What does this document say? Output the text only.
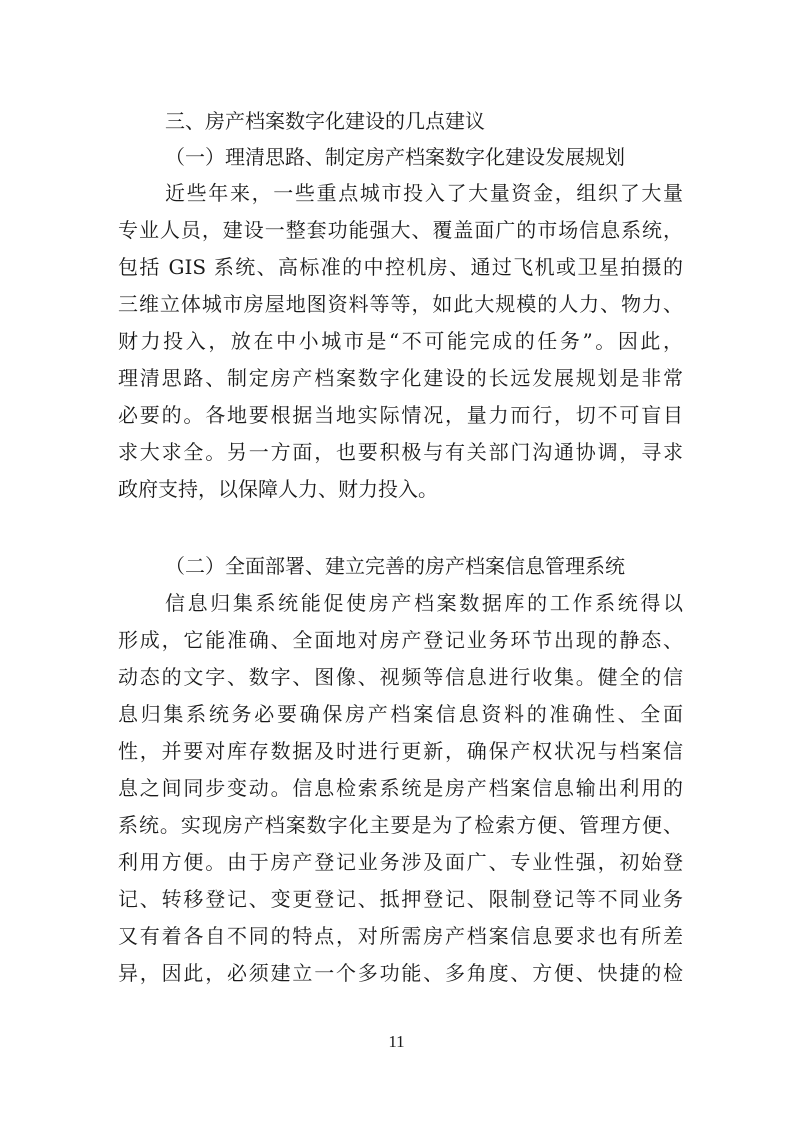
三、房产档案数字化建设的几点建议
（一）理清思路、制定房产档案数字化建设发展规划
近些年来，一些重点城市投入了大量资金，组织了大量
专业人员，建设一整套功能强大、覆盖面广的市场信息系统，
包括 GIS 系统、高标准的中控机房、通过飞机或卫星拍摄的
三维立体城市房屋地图资料等等，如此大规模的人力、物力、
财力投入，放在中小城市是“不可能完成的任务”。因此，
理清思路、制定房产档案数字化建设的长远发展规划是非常
必要的。各地要根据当地实际情况，量力而行，切不可盲目
求大求全。另一方面，也要积极与有关部门沟通协调，寻求
政府支持，以保障人力、财力投入。
（二）全面部署、建立完善的房产档案信息管理系统
信息归集系统能促使房产档案数据库的工作系统得以
形成，它能准确、全面地对房产登记业务环节出现的静态、
动态的文字、数字、图像、视频等信息进行收集。健全的信
息归集系统务必要确保房产档案信息资料的准确性、全面
性，并要对库存数据及时进行更新，确保产权状况与档案信
息之间同步变动。信息检索系统是房产档案信息输出利用的
系统。实现房产档案数字化主要是为了检索方便、管理方便、
利用方便。由于房产登记业务涉及面广、专业性强，初始登
记、转移登记、变更登记、抵押登记、限制登记等不同业务
又有着各自不同的特点，对所需房产档案信息要求也有所差
异，因此，必须建立一个多功能、多角度、方便、快捷的检
11
